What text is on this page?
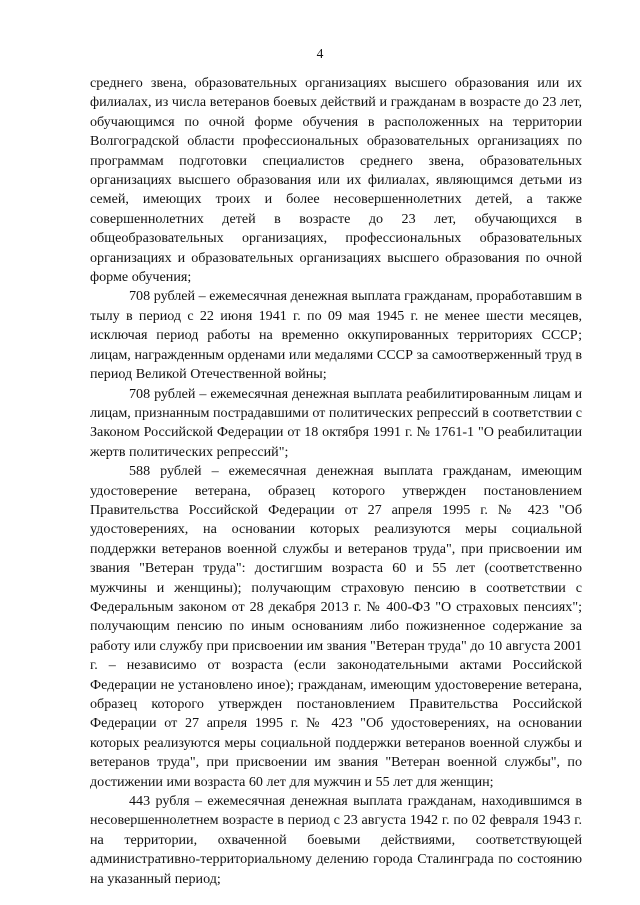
4

среднего звена, образовательных организациях высшего образования или их филиалах, из числа ветеранов боевых действий и гражданам в возрасте до 23 лет, обучающимся по очной форме обучения в расположенных на территории Волгоградской области профессиональных образовательных организациях по программам подготовки специалистов среднего звена, образовательных организациях высшего образования или их филиалах, являющимся детьми из семей, имеющих троих и более несовершеннолетних детей, а также совершеннолетних детей в возрасте до 23 лет, обучающихся в общеобразовательных организациях, профессиональных образовательных организациях и образовательных организациях высшего образования по очной форме обучения;

708 рублей – ежемесячная денежная выплата гражданам, проработавшим в тылу в период с 22 июня 1941 г. по 09 мая 1945 г. не менее шести месяцев, исключая период работы на временно оккупированных территориях СССР; лицам, награжденным орденами или медалями СССР за самоотверженный труд в период Великой Отечественной войны;

708 рублей – ежемесячная денежная выплата реабилитированным лицам и лицам, признанным пострадавшими от политических репрессий в соответствии с Законом Российской Федерации от 18 октября 1991 г. № 1761-1 "О реабилитации жертв политических репрессий";

588 рублей – ежемесячная денежная выплата гражданам, имеющим удостоверение ветерана, образец которого утвержден постановлением Правительства Российской Федерации от 27 апреля 1995 г. № 423 "Об удостоверениях, на основании которых реализуются меры социальной поддержки ветеранов военной службы и ветеранов труда", при присвоении им звания "Ветеран труда": достигшим возраста 60 и 55 лет (соответственно мужчины и женщины); получающим страховую пенсию в соответствии с Федеральным законом от 28 декабря 2013 г. № 400-ФЗ "О страховых пенсиях"; получающим пенсию по иным основаниям либо пожизненное содержание за работу или службу при присвоении им звания "Ветеран труда" до 10 августа 2001 г. – независимо от возраста (если законодательными актами Российской Федерации не установлено иное); гражданам, имеющим удостоверение ветерана, образец которого утвержден постановлением Правительства Российской Федерации от 27 апреля 1995 г. № 423 "Об удостоверениях, на основании которых реализуются меры социальной поддержки ветеранов военной службы и ветеранов труда", при присвоении им звания "Ветеран военной службы", по достижении ими возраста 60 лет для мужчин и 55 лет для женщин;

443 рубля – ежемесячная денежная выплата гражданам, находившимся в несовершеннолетнем возрасте в период с 23 августа 1942 г. по 02 февраля 1943 г. на территории, охваченной боевыми действиями, соответствующей административно-территориальному делению города Сталинграда по состоянию на указанный период;
